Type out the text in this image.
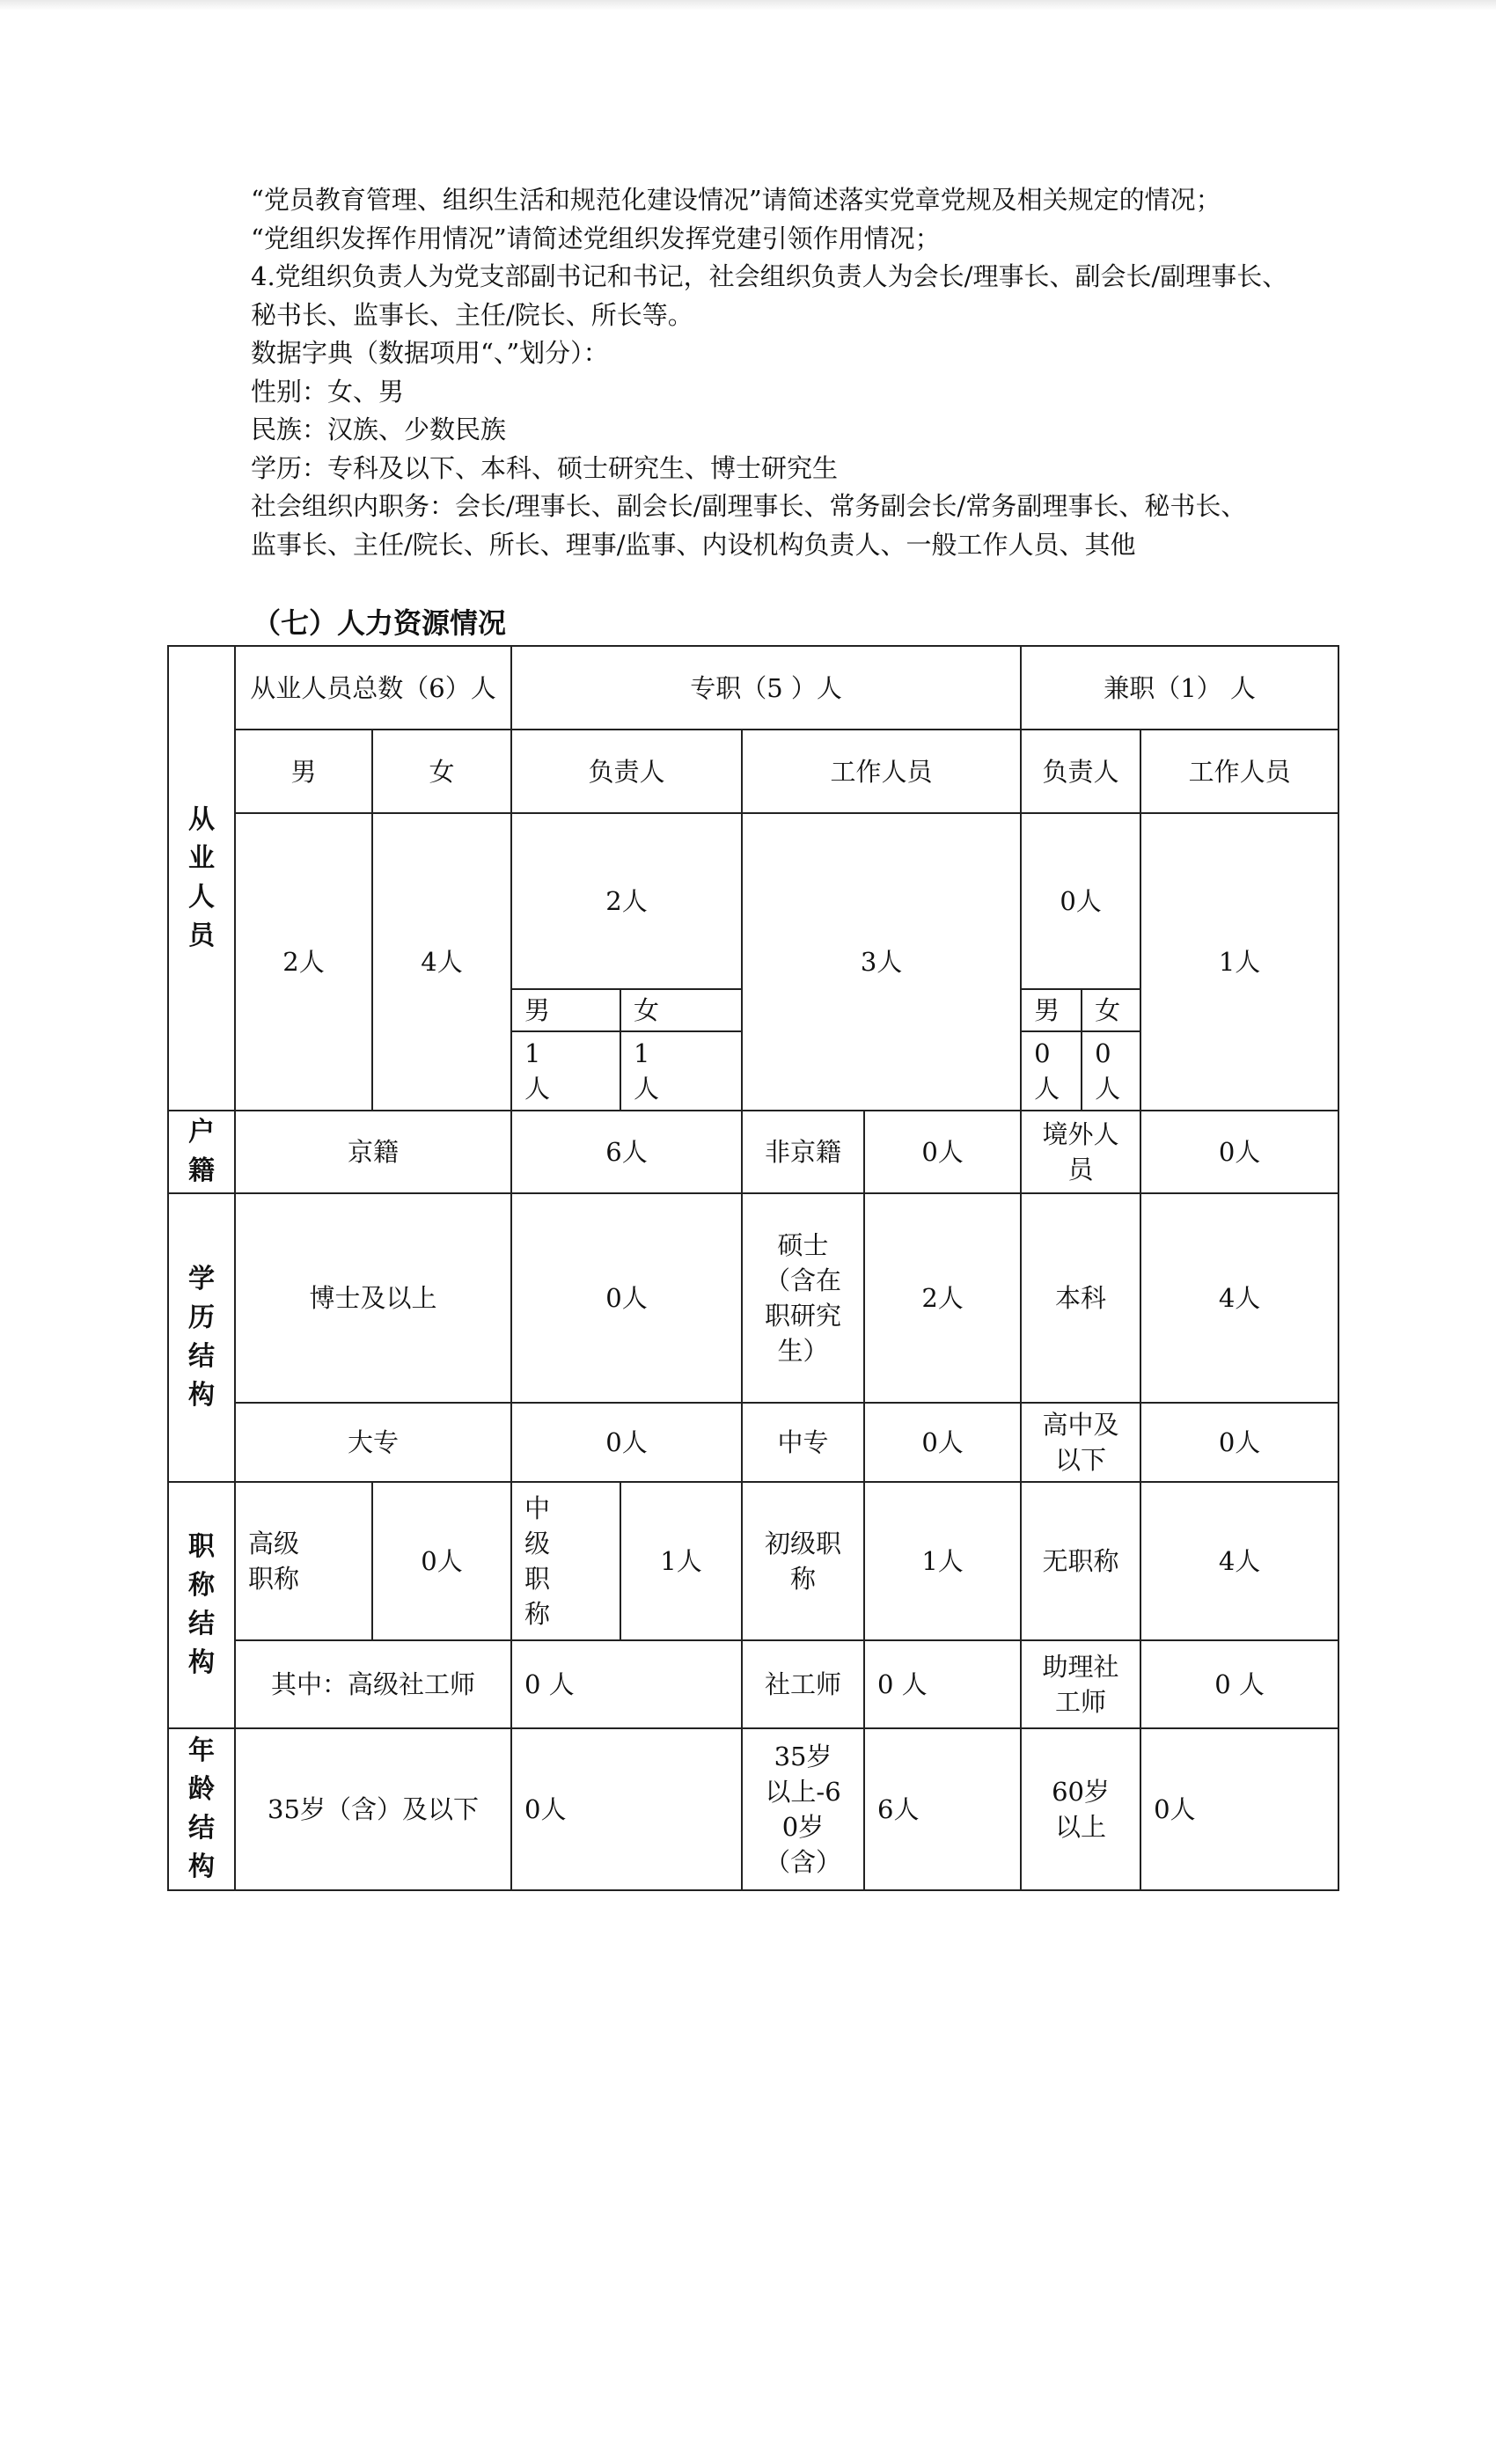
“党员教育管理、组织生活和规范化建设情况”请简述落实党章党规及相关规定的情况；

“党组织发挥作用情况”请简述党组织发挥党建引领作用情况；

4.党组织负责人为党支部副书记和书记，社会组织负责人为会长/理事长、副会长/副理事长、

秘书长、监事长、主任/院长、所长等。

数据字典（数据项用“、”划分）：

性别：女、男

民族：汉族、少数民族

学历：专科及以下、本科、硕士研究生、博士研究生

社会组织内职务：会长/理事长、副会长/副理事长、常务副会长/常务副理事长、秘书长、

监事长、主任/院长、所长、理事/监事、内设机构负责人、一般工作人员、其他

（七）人力资源情况
从业人员	从业人员总数（6）人		专职（5 ）人				兼职（1） 人		
	男	女	负责人		工作人员		负责人		工作人员
	2人	4人	2人		3人		0人		1人
			男	女			男	女	
			1人	1人			0人	0人	
户籍	京籍		6人		非京籍	0人	境外人员		0人
学历结构	博士及以上		0人		硕士（含在职研究生）	2人	本科		4人
	大专		0人		中专	0人	高中及以下		0人
职称结构	高级职称	0人	中级职称	1人	初级职称	1人	无职称		4人
	其中：高级社工师		0 人		社工师	0 人	助理社工师		0 人
年龄结构	35岁（含）及以下		0人		35岁以上-60岁（含）	6人	60岁以上		0人
